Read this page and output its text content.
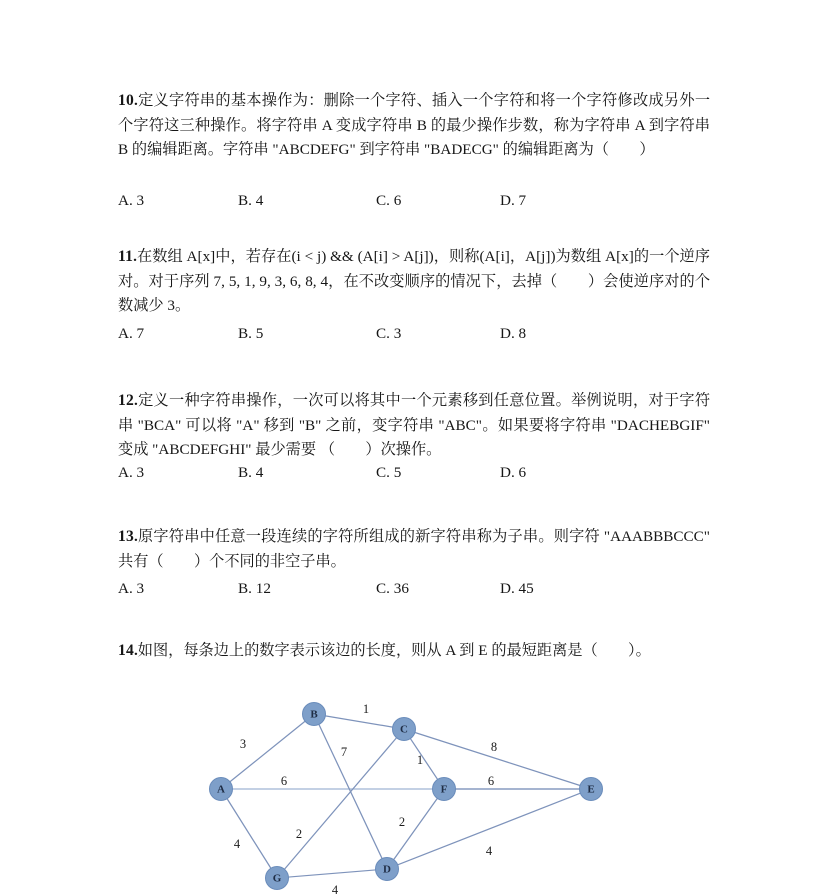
10.定义字符串的基本操作为：删除一个字符、插入一个字符和将一个字符修改成另外一个字符这三种操作。将字符串 A 变成字符串 B 的最少操作步数，称为字符串 A 到字符串 B 的编辑距离。字符串 "ABCDEFG" 到字符串 "BADECG" 的编辑距离为（　　）
A. 3	B. 4	C. 6	D. 7
11.在数组 A[x]中，若存在(i < j) && (A[i] > A[j])，则称(A[i]，A[j])为数组 A[x]的一个逆序对。对于序列 7, 5, 1, 9, 3, 6, 8, 4，在不改变顺序的情况下，去掉（　　）会使逆序对的个数减少 3。
A. 7	B. 5	C. 3	D. 8
12.定义一种字符串操作，一次可以将其中一个元素移到任意位置。举例说明，对于字符串 "BCA" 可以将 "A" 移到 "B" 之前，变字符串 "ABC"。如果要将字符串 "DACHEBGIF" 变成 "ABCDEFGHI" 最少需要 （　　）次操作。
A. 3	B. 4	C. 5	D. 6
13.原字符串中任意一段连续的字符所组成的新字符串称为子串。则字符 "AAABBBCCC" 共有（　　）个不同的非空子串。
A. 3	B. 12	C. 36	D. 45
14.如图，每条边上的数字表示该边的长度，则从 A 到 E 的最短距离是（　　）。
3
6
4
1
7
1
8
2
6
2
4
4
A
B
C
F	E
G
D
